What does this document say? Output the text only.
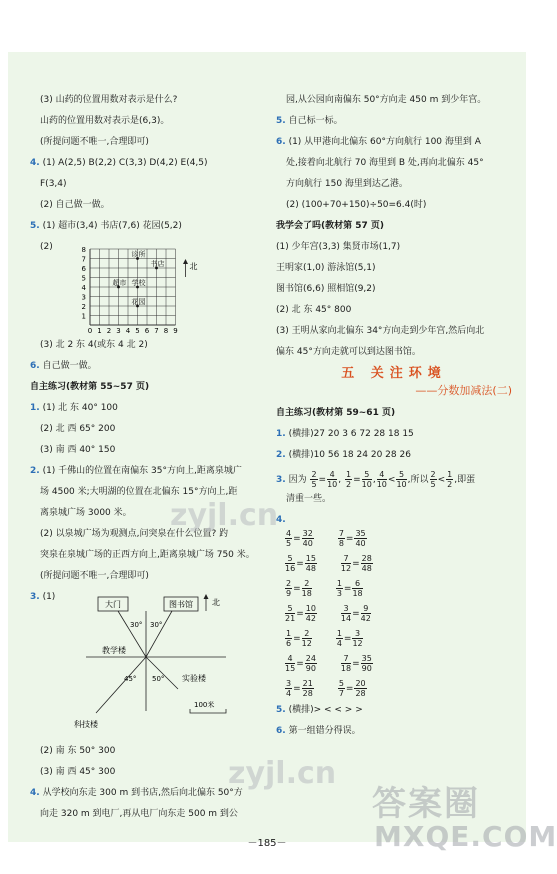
(3) 山药的位置用数对表示是什么?
山药的位置用数对表示是(6,3)。
(所提问题不唯一,合理即可)
4. (1) A(2,5) B(2,2) C(3,3) D(4,2) E(4,5)
F(3,4)
(2) 自己做一做。
5. (1) 超市(3,4) 书店(7,6) 花园(5,2)
(2)	8
7
6
5
4
3
2
1
0 1 2 3 4 5 6 7 8 9
诊所
书店
超市 学校
花园
北
(3) 北 2 东 4(或东 4 北 2)
6. 自己做一做。
自主练习(教材第 55~57 页)
1. (1) 北 东 40° 100
(2) 北 西 65° 200
(3) 南 西 40° 150
2. (1) 千佛山的位置在南偏东 35°方向上,距离泉城广
场 4500 米;大明湖的位置在北偏东 15°方向上,距
离泉城广场 3000 米。
(2) 以泉城广场为观测点,问突泉在什么位置? 趵
突泉在泉城广场的正西方向上,距离泉城广场 750 米。
(所提问题不唯一,合理即可)
3. (1)
大门	图书馆 北
30° 30°
45° 50°
教学楼
实验楼
科技楼
100米
(2) 南 东 50° 300
(3) 南 西 45° 300
4. 从学校向东走 300 m 到书店,然后向北偏东 50°方
向走 320 m 到电厂,再从电厂向东走 500 m 到公
园,从公园向南偏东 50°方向走 450 m 到少年宫。
5. 自己标一标。
6. (1) 从甲港向北偏东 60°方向航行 100 海里到 A
处,接着向北航行 70 海里到 B 处,再向北偏东 45°
方向航行 150 海里到达乙港。
(2) (100+70+150)÷50=6.4(时)
我学会了吗(教材第 57 页)
(1) 少年宫(3,3) 集贤市场(1,7)
王明家(1,0) 游泳馆(5,1)
图书馆(6,6) 照相馆(9,2)
(2) 北 东 45° 800
(3) 王明从家向北偏东 34°方向走到少年宫,然后向北
偏东 45°方向走就可以到达图书馆。
五 关注环境
——分数加减法(二)
自主练习(教材第 59~61 页)
1. (横排)27 20 3 6 72 28 18 15
2. (横排)10 56 18 24 20 28 26
3. 因为 $\frac{2}{5} = \frac{4}{10}$ , $\frac{1}{2} = \frac{5}{10}$ , $\frac{4}{10} < \frac{5}{10}$ ,所以 $\frac{2}{5} < \frac{1}{2}$ ,即蛋
清重一些。
4.
$\frac{4}{5} = \frac{32}{40}$	$\frac{7}{8} = \frac{35}{40}$
$\frac{5}{16} = \frac{15}{48}$	$\frac{7}{12} = \frac{28}{48}$
$\frac{2}{9} = \frac{2}{18}$	$\frac{1}{3} = \frac{6}{18}$
$\frac{5}{21} = \frac{10}{42}$	$\frac{3}{14} = \frac{9}{42}$
$\frac{1}{6} = \frac{2}{12}$	$\frac{1}{4} = \frac{3}{12}$
$\frac{4}{15} = \frac{24}{90}$	$\frac{7}{18} = \frac{35}{90}$
$\frac{3}{4} = \frac{21}{28}$	$\frac{5}{7} = \frac{20}{28}$
5. (横排)> < < > >
6. 第一组错分得误。
－185－
zyjl.cn
zyjl.cn
答案圈
MXQE.COM
